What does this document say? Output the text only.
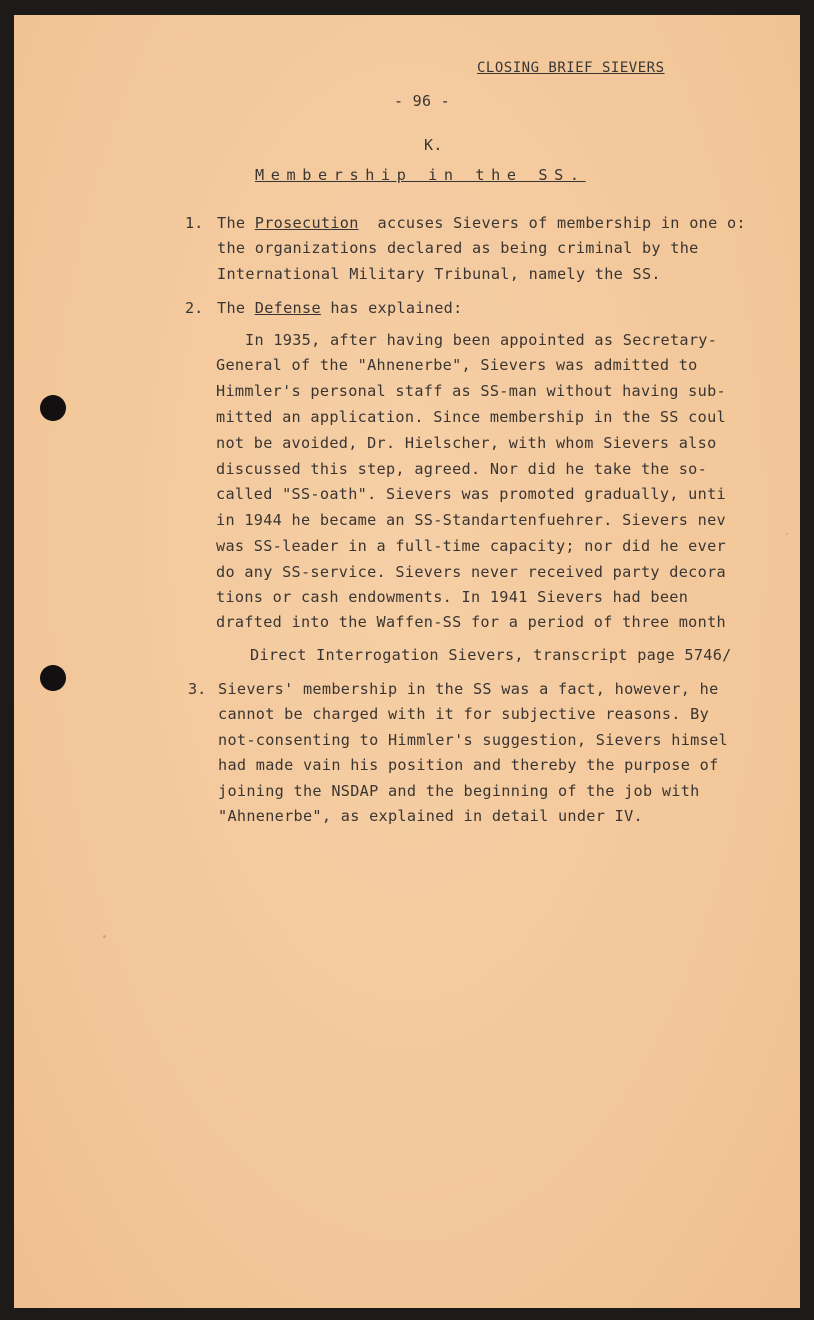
CLOSING BRIEF SIEVERS
- 96 -
K.
Membership in the SS.
1. The Prosecution  accuses Sievers of membership in one o:
the organizations declared as being criminal by the
International Military Tribunal, namely the SS.
2. The Defense has explained:
In 1935, after having been appointed as Secretary-
General of the "Ahnenerbe", Sievers was admitted to
Himmler's personal staff as SS-man without having sub-
mitted an application. Since membership in the SS coul
not be avoided, Dr. Hielscher, with whom Sievers also
discussed this step, agreed. Nor did he take the so-
called "SS-oath". Sievers was promoted gradually, unti
in 1944 he became an SS-Standartenfuehrer. Sievers nev
was SS-leader in a full-time capacity; nor did he ever
do any SS-service. Sievers never received party decora
tions or cash endowments. In 1941 Sievers had been
drafted into the Waffen-SS for a period of three month
Direct Interrogation Sievers, transcript page 5746/
3. Sievers' membership in the SS was a fact, however, he
cannot be charged with it for subjective reasons. By
not-consenting to Himmler's suggestion, Sievers himsel
had made vain his position and thereby the purpose of
joining the NSDAP and the beginning of the job with
"Ahnenerbe", as explained in detail under IV.
